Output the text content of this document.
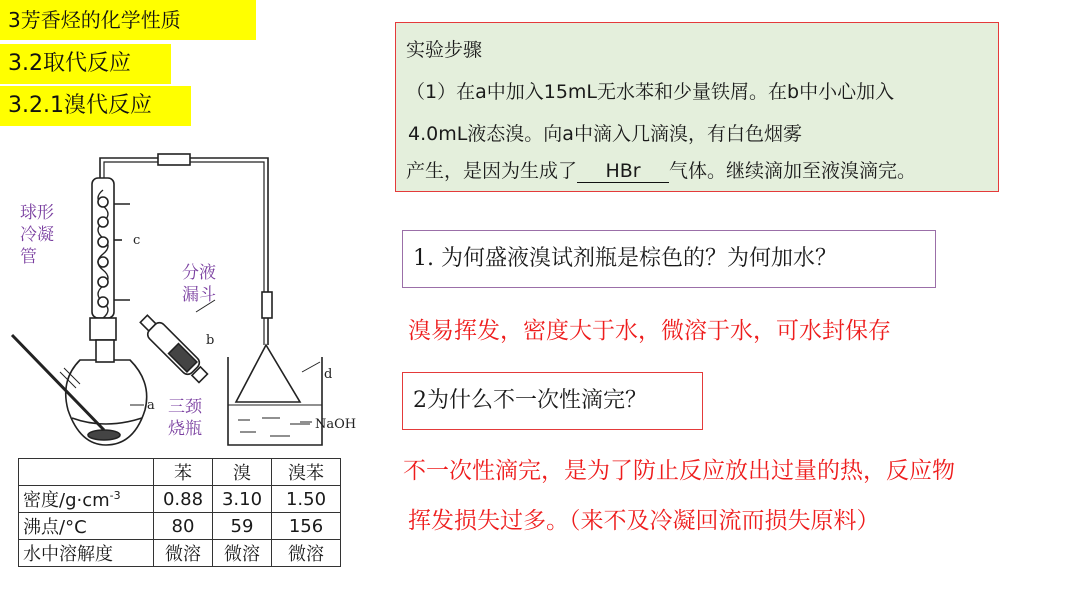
3芳香烃的化学性质
3.2取代反应
3.2.1溴代反应
实验步骤
（1）在a中加入15mL无水苯和少量铁屑。在b中小心加入
4.0mL液态溴。向a中滴入几滴溴，有白色烟雾
产生，是因为生成了 HBr 气体。继续滴加至液溴滴完。
1. 为何盛液溴试剂瓶是棕色的？为何加水？
溴易挥发，密度大于水，微溶于水，可水封保存
2为什么不一次性滴完？
不一次性滴完，是为了防止反应放出过量的热，反应物
挥发损失过多。（来不及冷凝回流而损失原料）
球形
冷凝
管
分液
漏斗
三颈
烧瓶
c
b
a
d
NaOH
	苯	溴	溴苯
密度$/g\cdot cm^{-3}$	0.88	3.10	1.50
沸点/°C	80	59	156
水中溶解度	微溶	微溶	微溶
